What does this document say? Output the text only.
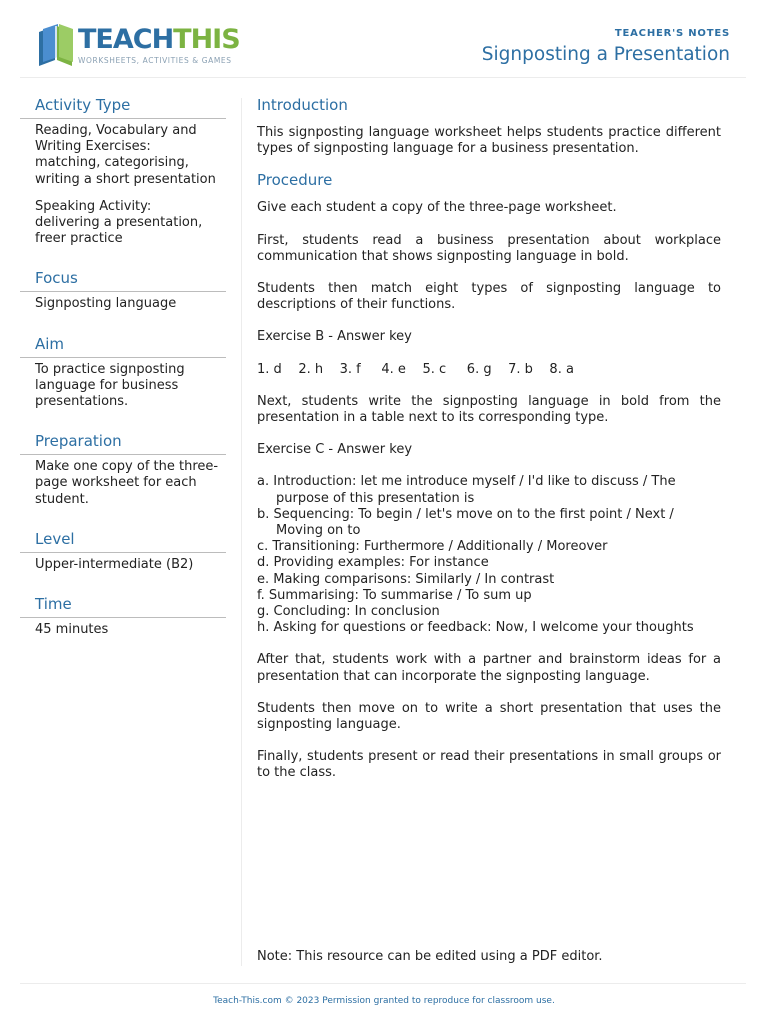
TEACHTHIS
WORKSHEETS, ACTIVITIES & GAMES
TEACHER'S NOTES
Signposting a Presentation
Activity Type

Reading, Vocabulary and Writing Exercises: matching, categorising, writing a short presentation

Speaking Activity: delivering a presentation, freer practice

Focus
Signposting language
Aim
To practice signposting language for business presentations.
Preparation
Make one copy of the three-page worksheet for each student.
Level
Upper-intermediate (B2)
Time
45 minutes
Introduction

This signposting language worksheet helps students practice different types of signposting language for a business presentation.

Procedure

Give each student a copy of the three-page worksheet.

First, students read a business presentation about workplace communication that shows signposting language in bold.

Students then match eight types of signposting language to descriptions of their functions.

Exercise B - Answer key

1. d    2. h    3. f     4. e    5. c     6. g    7. b    8. a

Next, students write the signposting language in bold from the presentation in a table next to its corresponding type.

Exercise C - Answer key

a. Introduction: let me introduce myself / I'd like to discuss / The purpose of this presentation is
b. Sequencing: To begin / let's move on to the first point / Next / Moving on to
c. Transitioning: Furthermore / Additionally / Moreover
d. Providing examples: For instance
e. Making comparisons: Similarly / In contrast
f. Summarising: To summarise / To sum up
g. Concluding: In conclusion
h. Asking for questions or feedback: Now, I welcome your thoughts

After that, students work with a partner and brainstorm ideas for a presentation that can incorporate the signposting language.

Students then move on to write a short presentation that uses the signposting language.

Finally, students present or read their presentations in small groups or to the class.

Note: This resource can be edited using a PDF editor.
Teach-This.com © 2023 Permission granted to reproduce for classroom use.
